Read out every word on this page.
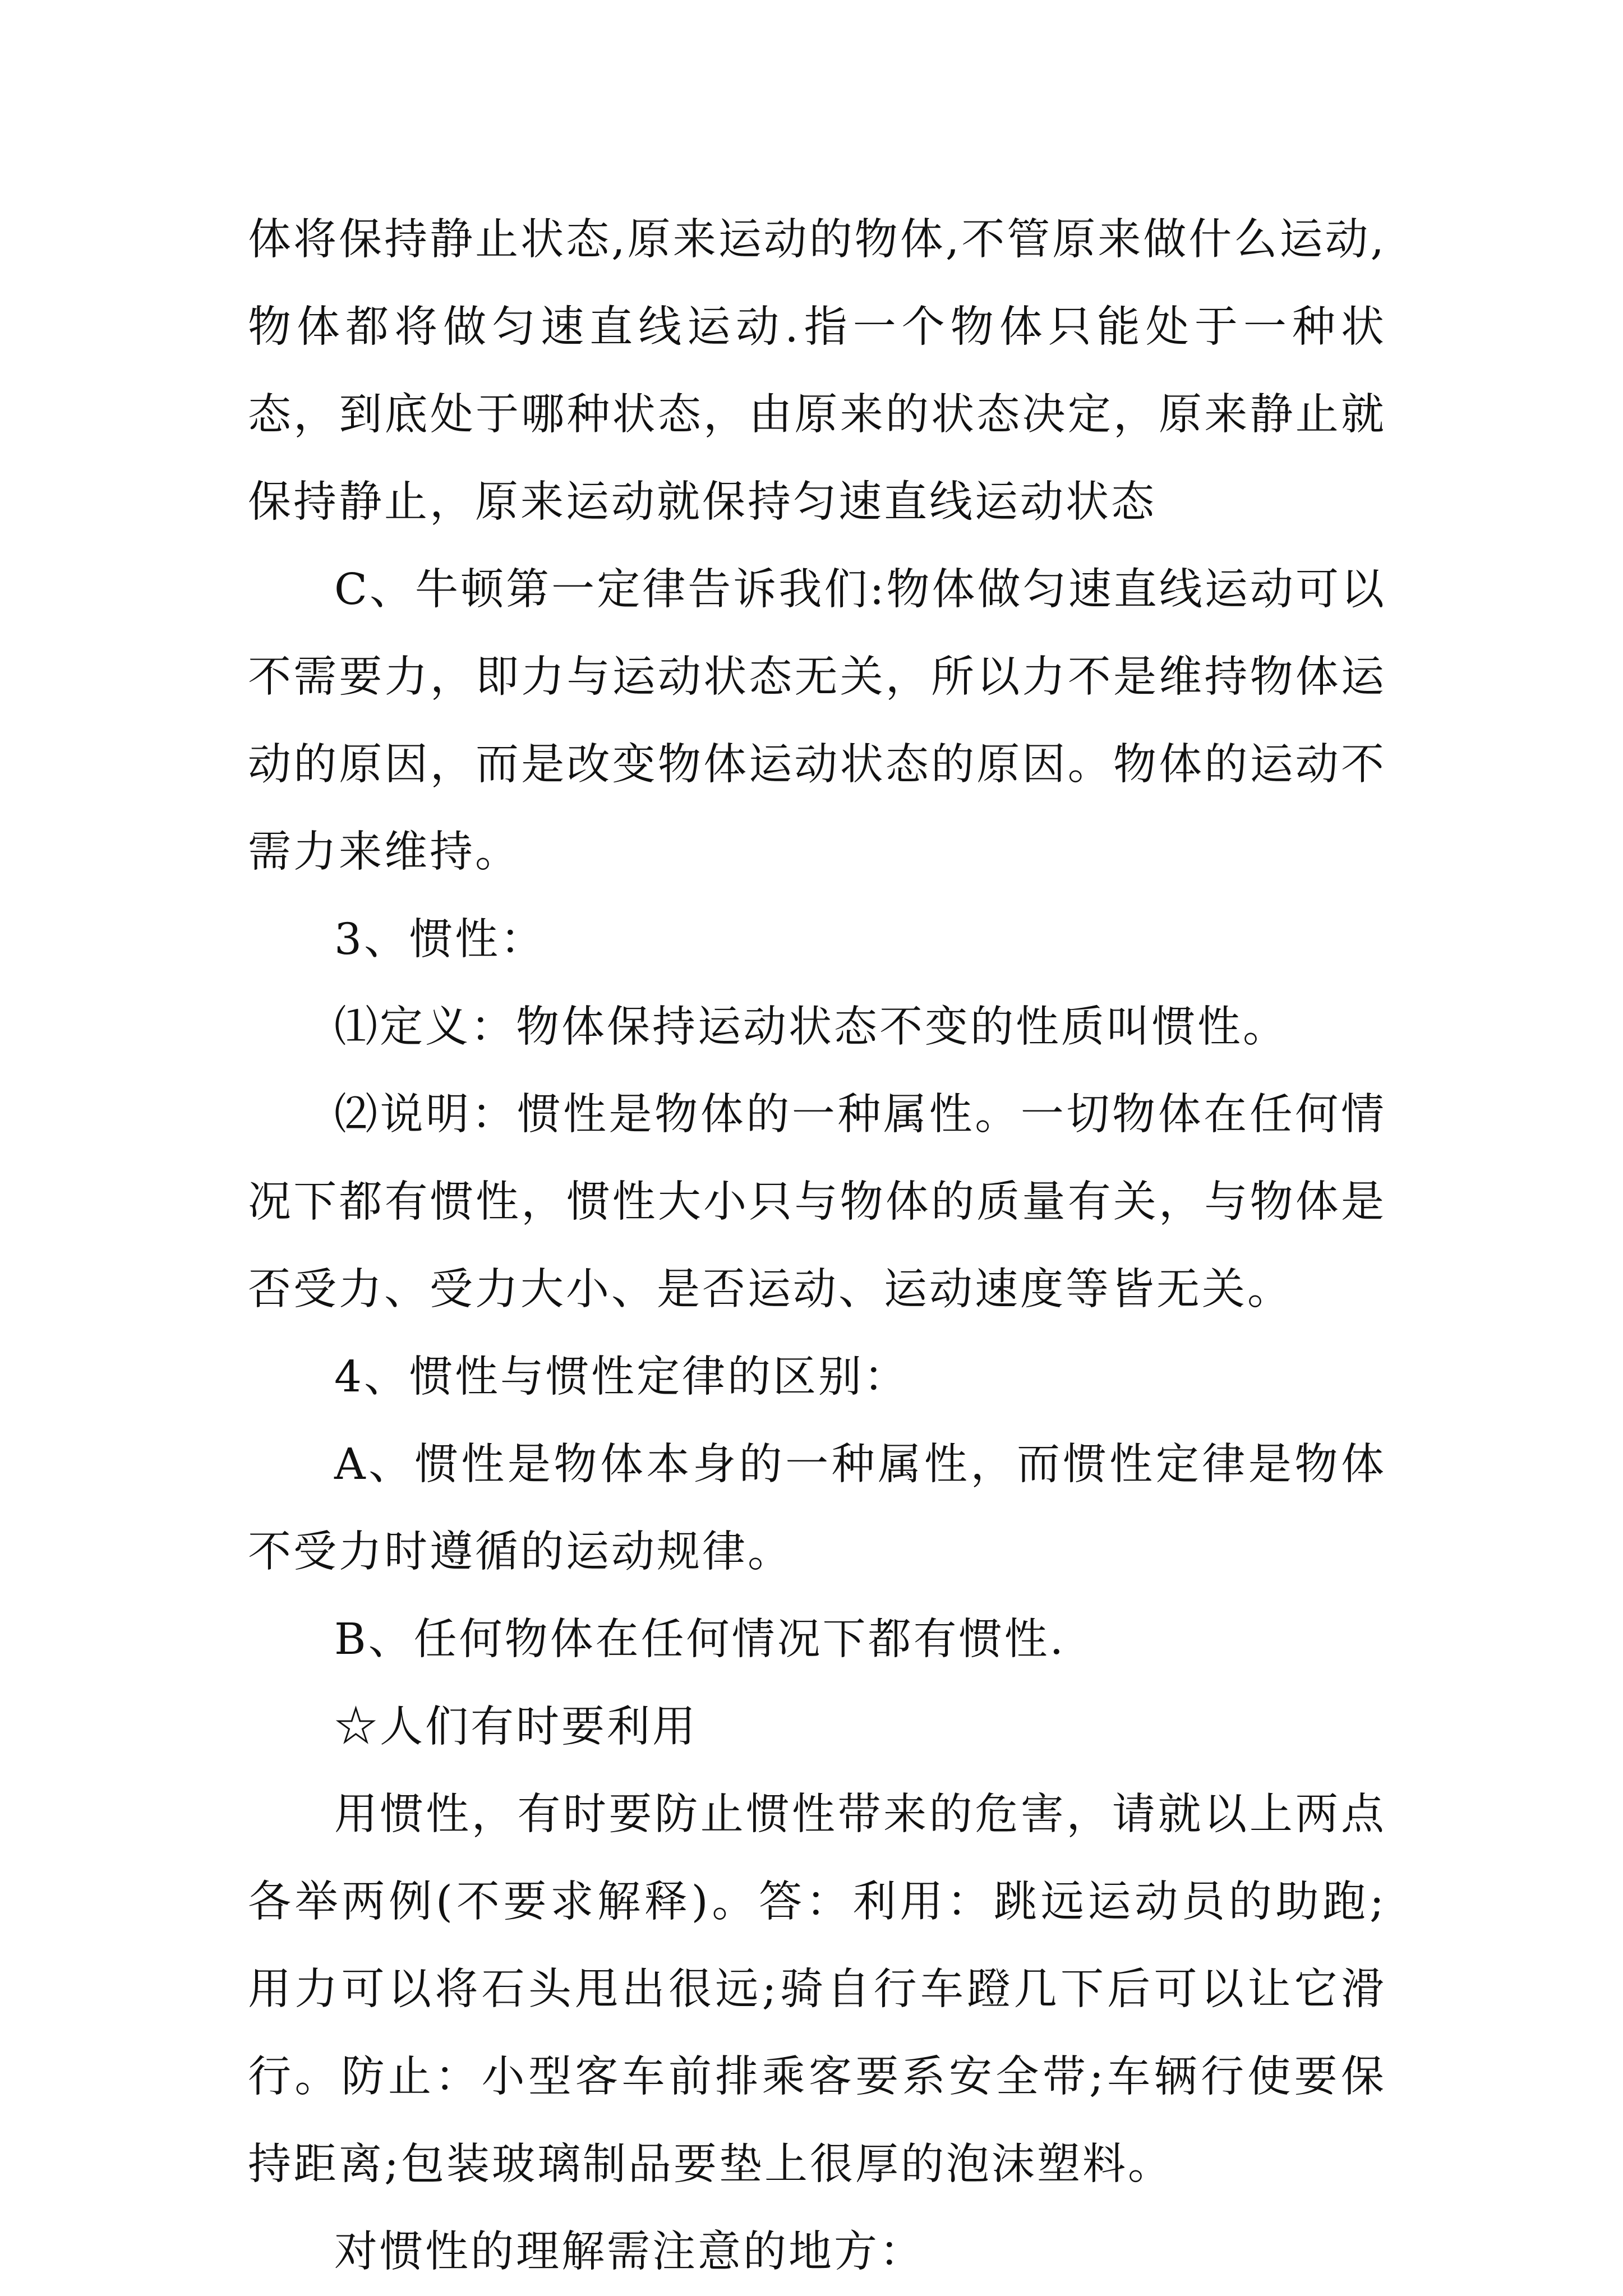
体将保持静止状态,原来运动的物体,不管原来做什么运动,物体都将做匀速直线运动.指一个物体只能处于一种状态，到底处于哪种状态，由原来的状态决定，原来静止就保持静止，原来运动就保持匀速直线运动状态

C、牛顿第一定律告诉我们:物体做匀速直线运动可以不需要力，即力与运动状态无关，所以力不是维持物体运动的原因，而是改变物体运动状态的原因。物体的运动不需力来维持。

3、惯性：

⑴定义：物体保持运动状态不变的性质叫惯性。

⑵说明：惯性是物体的一种属性。一切物体在任何情况下都有惯性，惯性大小只与物体的质量有关，与物体是否受力、受力大小、是否运动、运动速度等皆无关。

4、惯性与惯性定律的区别：

A、惯性是物体本身的一种属性，而惯性定律是物体不受力时遵循的运动规律。

B、任何物体在任何情况下都有惯性.

☆人们有时要利用

用惯性，有时要防止惯性带来的危害，请就以上两点各举两例(不要求解释)。答：利用：跳远运动员的助跑;用力可以将石头甩出很远;骑自行车蹬几下后可以让它滑行。防止：小型客车前排乘客要系安全带;车辆行使要保持距离;包装玻璃制品要垫上很厚的泡沫塑料。

对惯性的理解需注意的地方：
